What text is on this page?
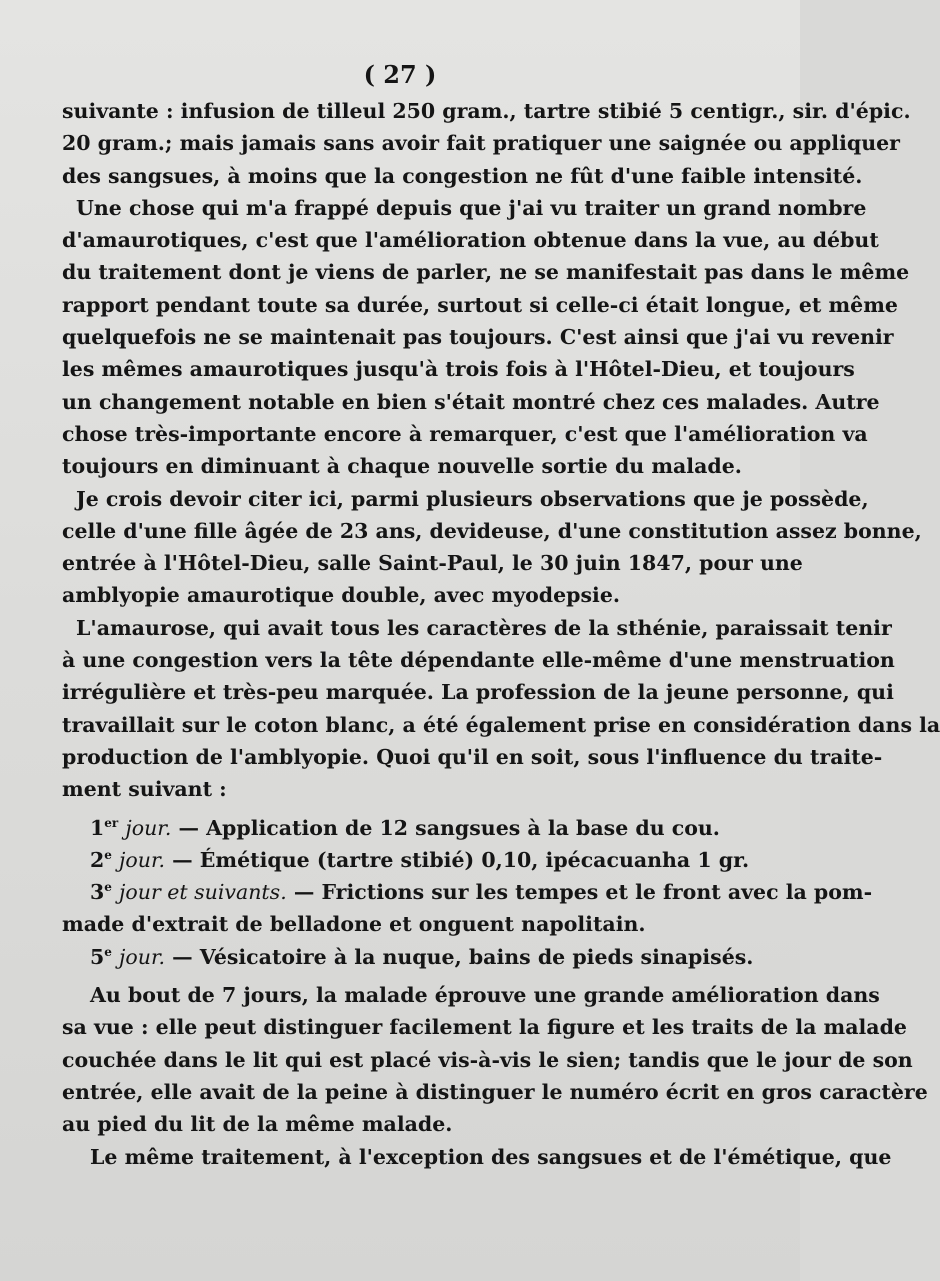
( 27 )
suivante : infusion de tilleul 250 gram., tartre stibié 5 centigr., sir. d'épic.
20 gram.; mais jamais sans avoir fait pratiquer une saignée ou appliquer
des sangsues, à moins que la congestion ne fût d'une faible intensité.
Une chose qui m'a frappé depuis que j'ai vu traiter un grand nombre
d'amaurotiques, c'est que l'amélioration obtenue dans la vue, au début
du traitement dont je viens de parler, ne se manifestait pas dans le même
rapport pendant toute sa durée, surtout si celle-ci était longue, et même
quelquefois ne se maintenait pas toujours. C'est ainsi que j'ai vu revenir
les mêmes amaurotiques jusqu'à trois fois à l'Hôtel-Dieu, et toujours
un changement notable en bien s'était montré chez ces malades. Autre
chose très-importante encore à remarquer, c'est que l'amélioration va
toujours en diminuant à chaque nouvelle sortie du malade.
Je crois devoir citer ici, parmi plusieurs observations que je possède,
celle d'une fille âgée de 23 ans, devideuse, d'une constitution assez bonne,
entrée à l'Hôtel-Dieu, salle Saint-Paul, le 30 juin 1847, pour une
amblyopie amaurotique double, avec myodepsie.
L'amaurose, qui avait tous les caractères de la sthénie, paraissait tenir
à une congestion vers la tête dépendante elle-même d'une menstruation
irrégulière et très-peu marquée. La profession de la jeune personne, qui
travaillait sur le coton blanc, a été également prise en considération dans la
production de l'amblyopie. Quoi qu'il en soit, sous l'influence du traite-
ment suivant :
1er jour. — Application de 12 sangsues à la base du cou.
2e jour. — Émétique (tartre stibié) 0,10, ipécacuanha 1 gr.
3e jour et suivants. — Frictions sur les tempes et le front avec la pom-
made d'extrait de belladone et onguent napolitain.
5e jour. — Vésicatoire à la nuque, bains de pieds sinapisés.
Au bout de 7 jours, la malade éprouve une grande amélioration dans
sa vue : elle peut distinguer facilement la figure et les traits de la malade
couchée dans le lit qui est placé vis-à-vis le sien; tandis que le jour de son
entrée, elle avait de la peine à distinguer le numéro écrit en gros caractère
au pied du lit de la même malade.
Le même traitement, à l'exception des sangsues et de l'émétique, que
